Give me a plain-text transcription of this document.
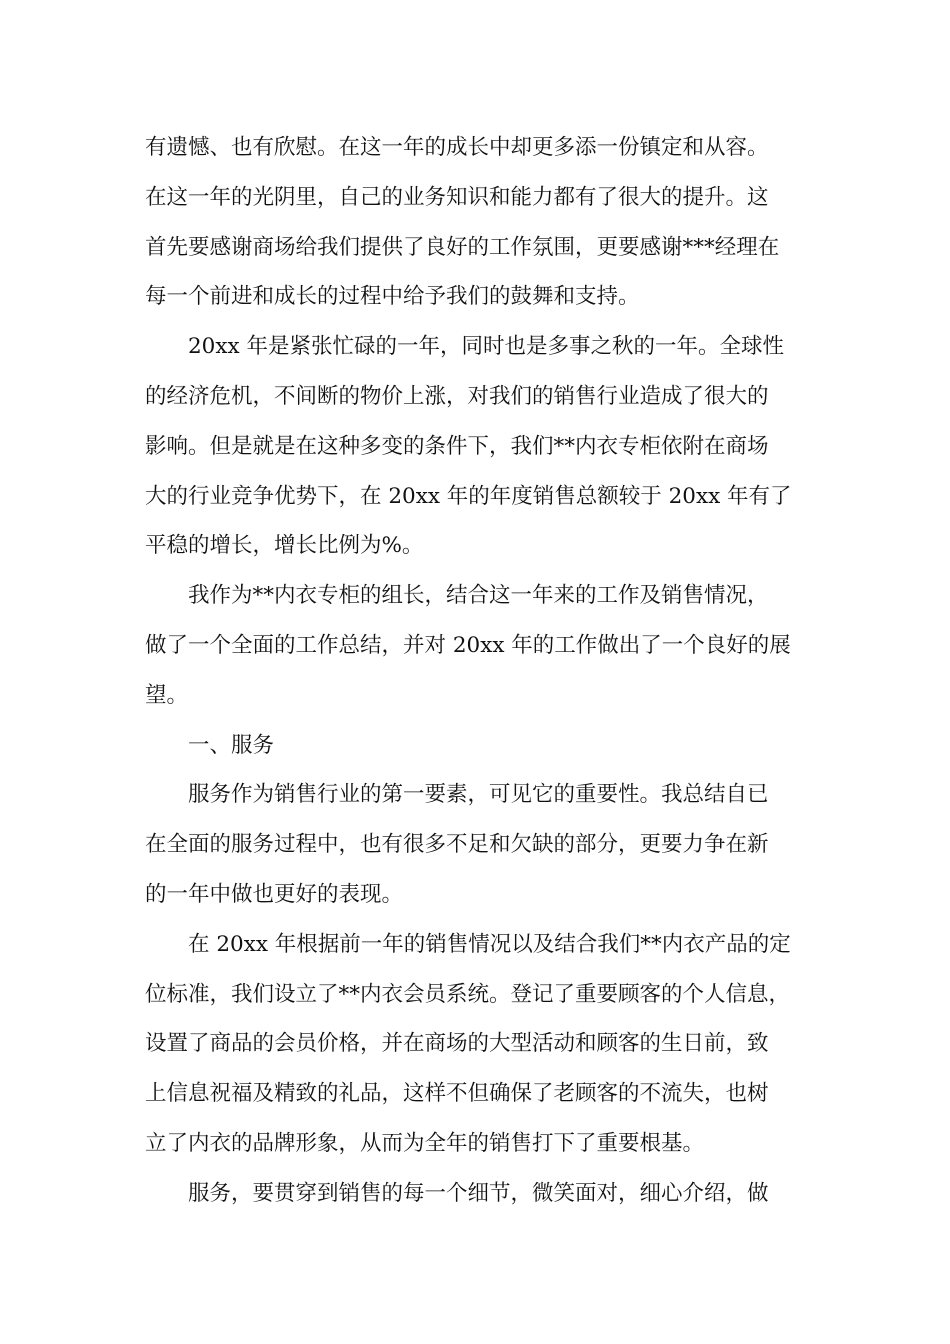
有遗憾、也有欣慰。在这一年的成长中却更多添一份镇定和从容。
在这一年的光阴里，自己的业务知识和能力都有了很大的提升。这
首先要感谢商场给我们提供了良好的工作氛围，更要感谢***经理在
每一个前进和成长的过程中给予我们的鼓舞和支持。
20xx 年是紧张忙碌的一年，同时也是多事之秋的一年。全球性
的经济危机，不间断的物价上涨，对我们的销售行业造成了很大的
影响。但是就是在这种多变的条件下，我们**内衣专柜依附在商场
大的行业竞争优势下，在 20xx 年的年度销售总额较于 20xx 年有了
平稳的增长，增长比例为%。
我作为**内衣专柜的组长，结合这一年来的工作及销售情况，
做了一个全面的工作总结，并对 20xx 年的工作做出了一个良好的展
望。
一、服务
服务作为销售行业的第一要素，可见它的重要性。我总结自已
在全面的服务过程中，也有很多不足和欠缺的部分，更要力争在新
的一年中做也更好的表现。
在 20xx 年根据前一年的销售情况以及结合我们**内衣产品的定
位标准，我们设立了**内衣会员系统。登记了重要顾客的个人信息，
设置了商品的会员价格，并在商场的大型活动和顾客的生日前，致
上信息祝福及精致的礼品，这样不但确保了老顾客的不流失，也树
立了内衣的品牌形象，从而为全年的销售打下了重要根基。
服务，要贯穿到销售的每一个细节，微笑面对，细心介绍，做
